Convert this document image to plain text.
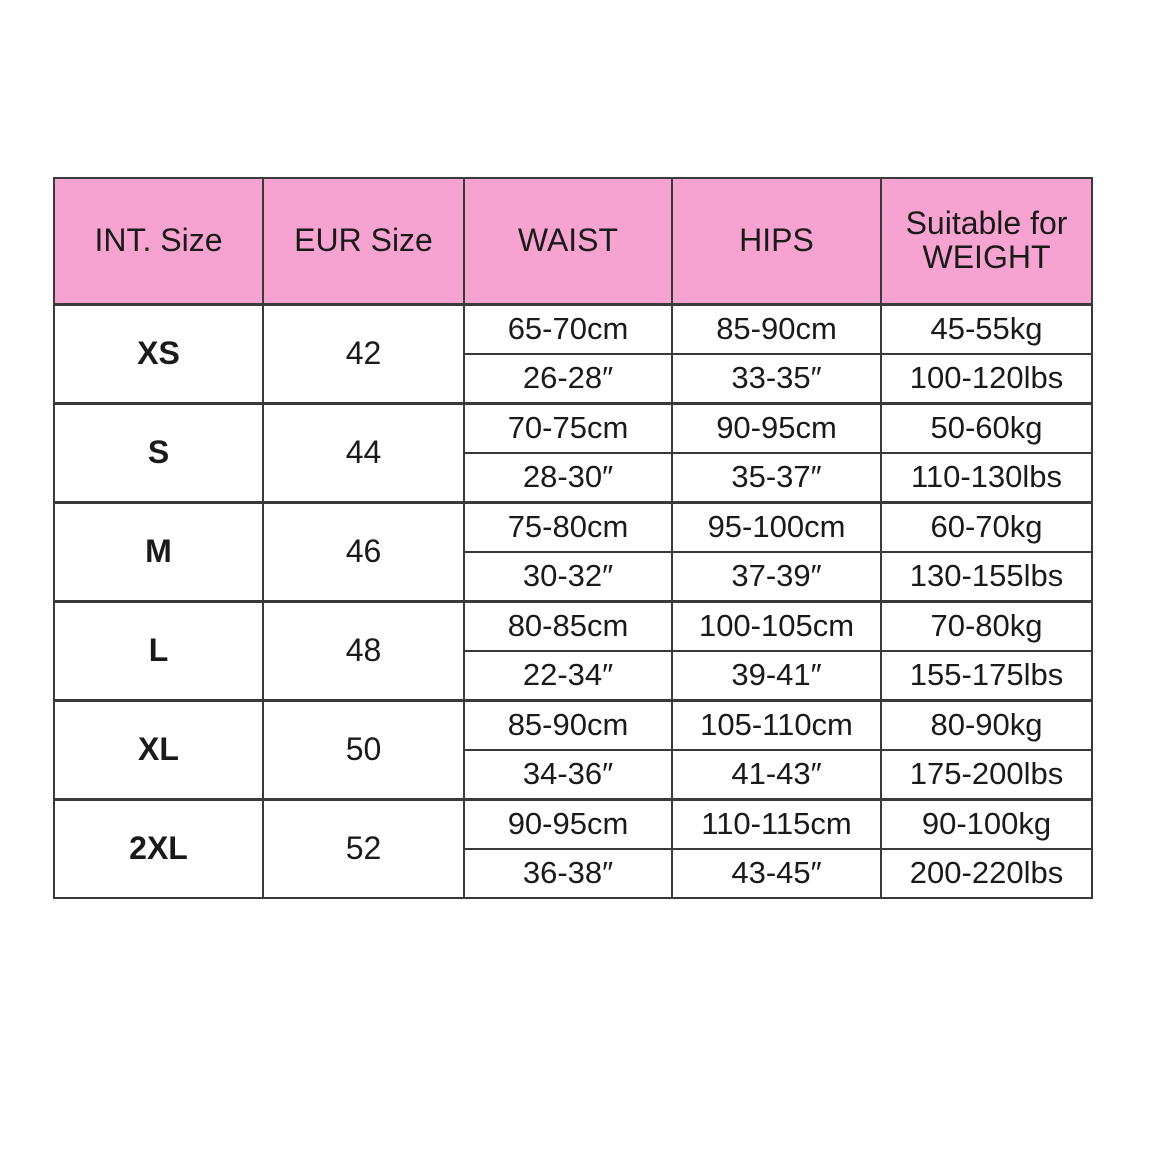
INT. Size	EUR Size	WAIST	HIPS	Suitable for
WEIGHT

XS	42	65-70cm	85-90cm	45-55kg
		26-28″	33-35″	100-120lbs
S	44	70-75cm	90-95cm	50-60kg
		28-30″	35-37″	110-130lbs
M	46	75-80cm	95-100cm	60-70kg
		30-32″	37-39″	130-155lbs
L	48	80-85cm	100-105cm	70-80kg
		22-34″	39-41″	155-175lbs
XL	50	85-90cm	105-110cm	80-90kg
		34-36″	41-43″	175-200lbs
2XL	52	90-95cm	110-115cm	90-100kg
		36-38″	43-45″	200-220lbs
